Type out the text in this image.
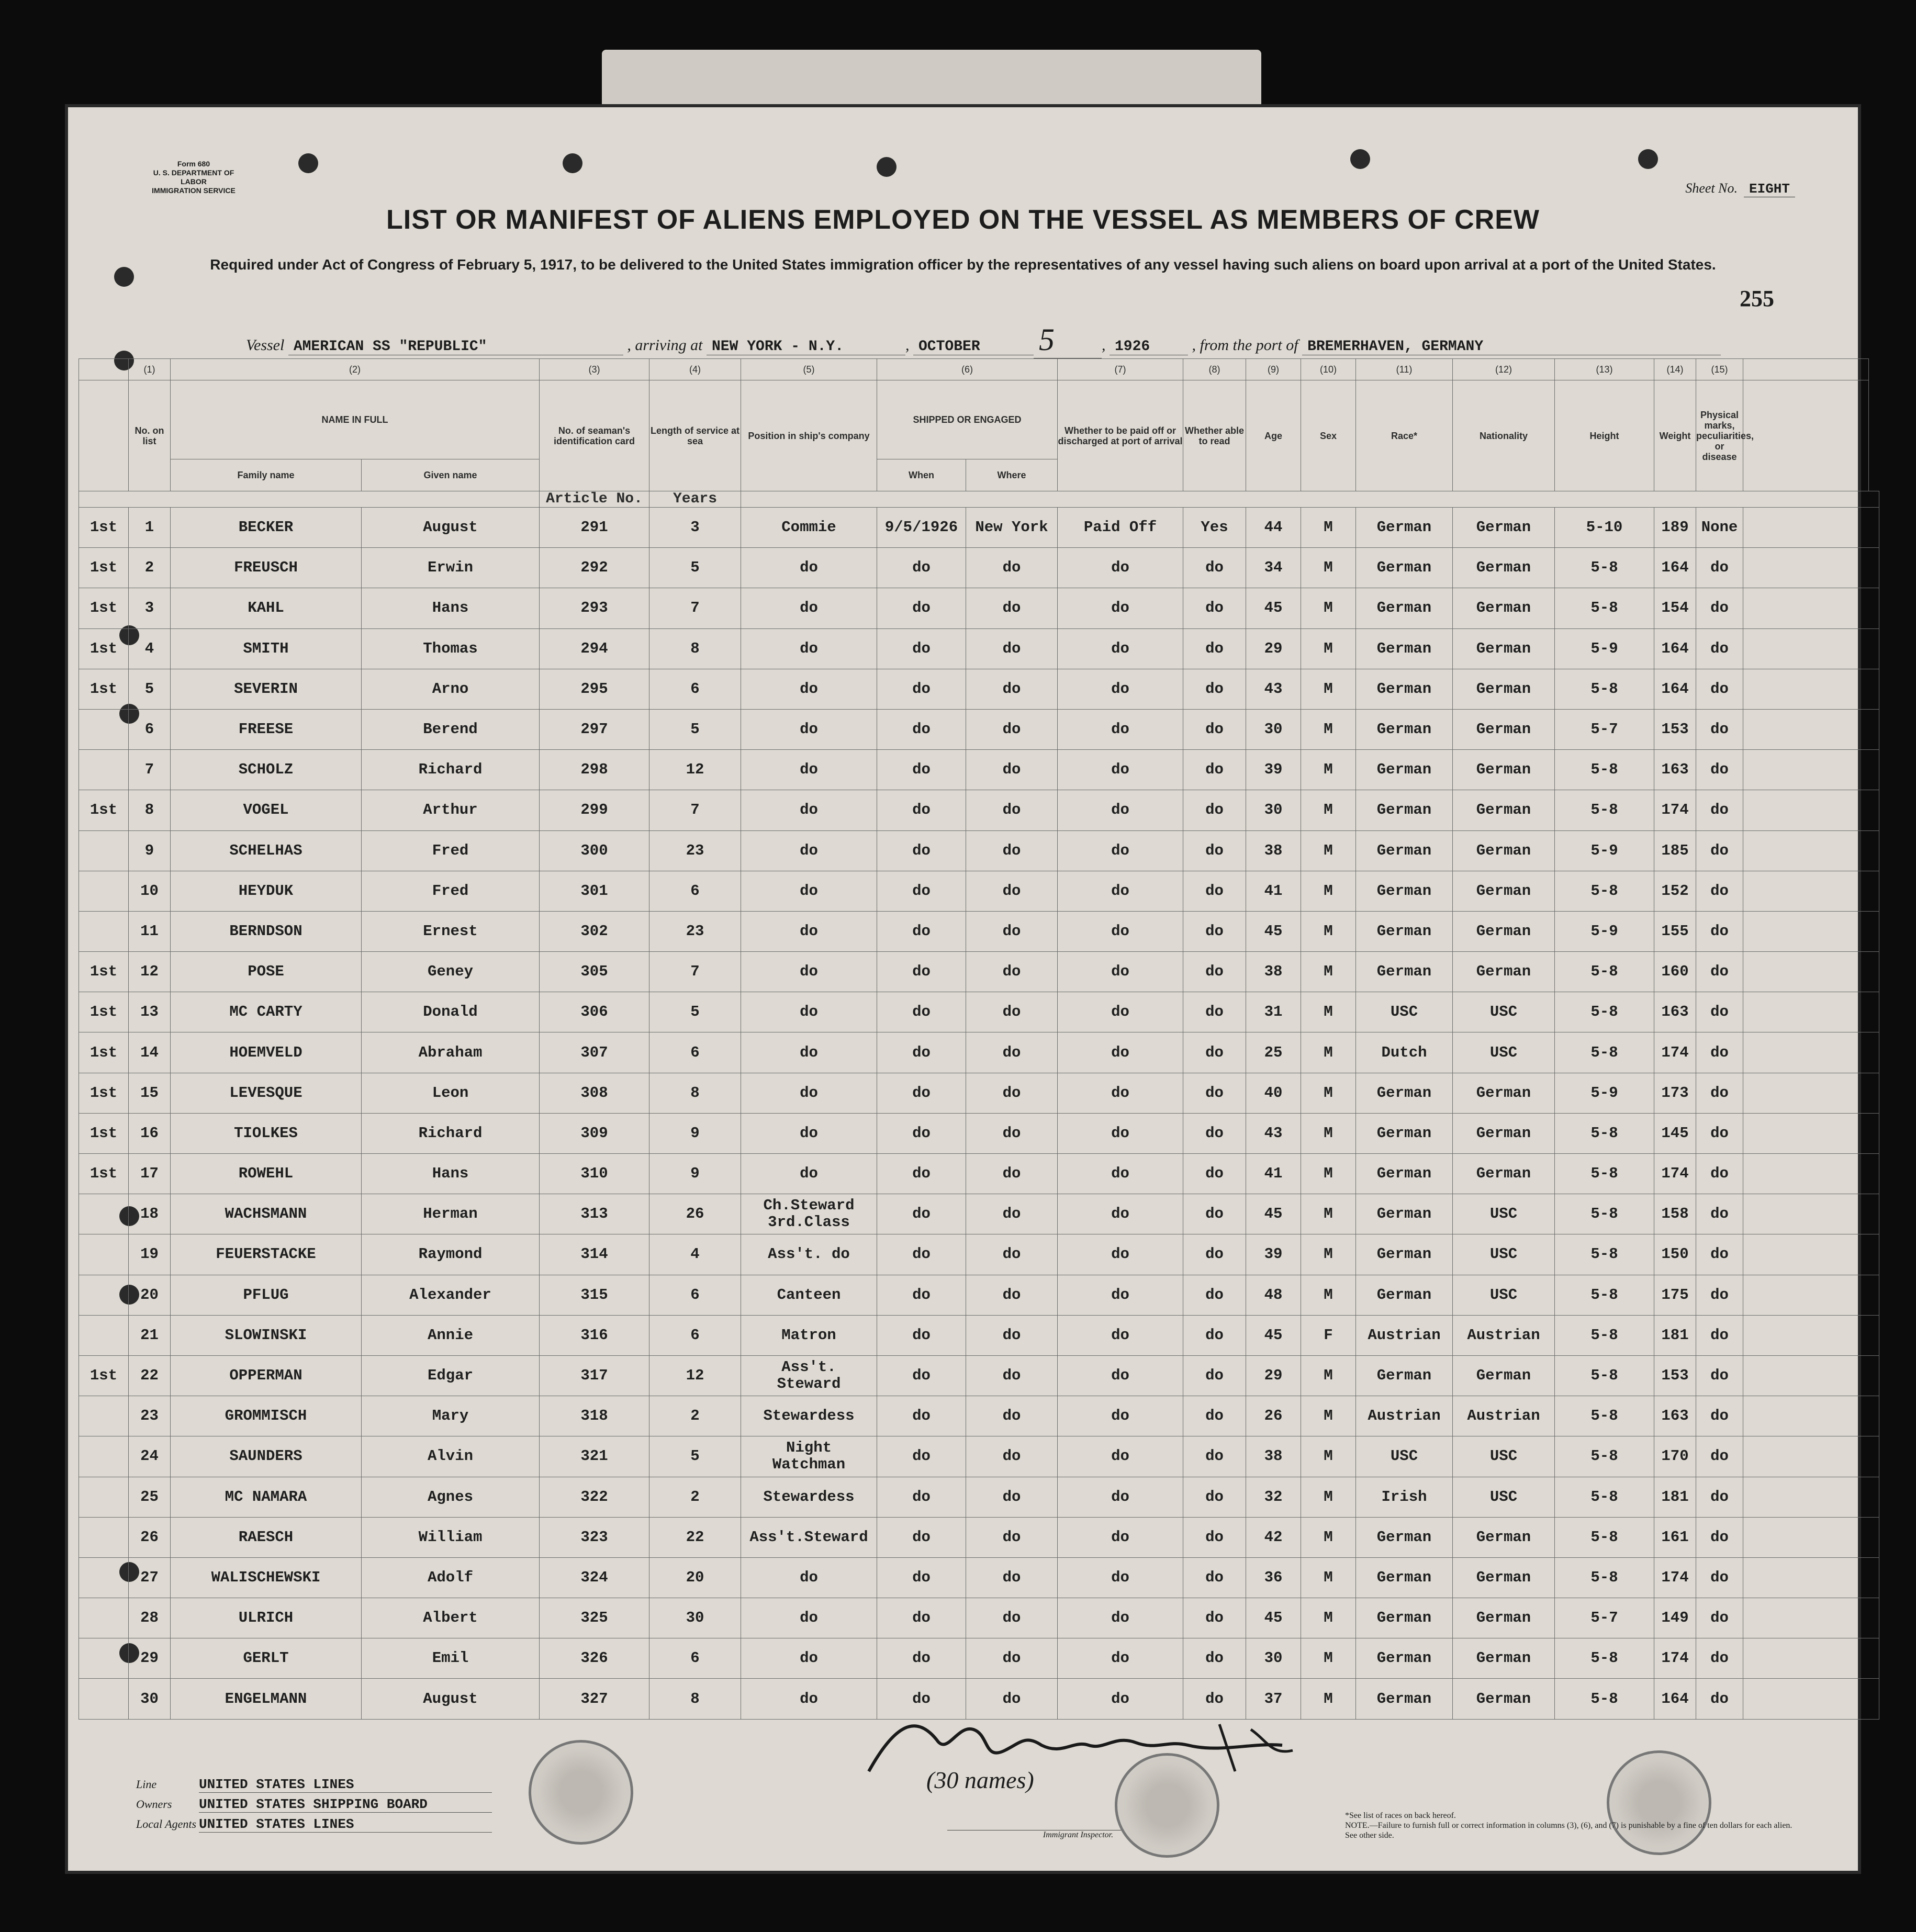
Form 680
U. S. DEPARTMENT OF LABOR
IMMIGRATION SERVICE	Sheet No. EIGHT
LIST OR MANIFEST OF ALIENS EMPLOYED ON THE VESSEL AS MEMBERS OF CREW
Required under Act of Congress of February 5, 1917, to be delivered to the United States immigration officer by the representatives of any vessel having such aliens on board upon arrival at a port of the United States.
255
Vessel AMERICAN SS "REPUBLIC"	, arriving at NEW YORK - N.Y.	, OCTOBER 5	, 1926	, from the port of BREMERHAVEN, GERMANY
	(1)	(2)		(3)	(4)	(5)	(6)		(7)	(8)	(9)	(10)	(11)	(12)	(13)	(14)	(15)	
	No. on list	NAME IN FULL		No. of seaman's identification card	Length of service at sea	Position in ship's company	SHIPPED OR ENGAGED		Whether to be paid off or discharged at port of arrival	Whether able to read	Age	Sex	Race*	Nationality	Height	Weight	Physical marks, peculiarities, or disease	
		Family name	Given name				When	Where										
				Article No.	Years													
1st	1	BECKER	August	291	3	Commie	9/5/1926	New York	Paid Off	Yes	44	M	German	German	5-10	189	None	
1st	2	FREUSCH	Erwin	292	5	do	do	do	do	do	34	M	German	German	5-8	164	do	
1st	3	KAHL	Hans	293	7	do	do	do	do	do	45	M	German	German	5-8	154	do	
1st	4	SMITH	Thomas	294	8	do	do	do	do	do	29	M	German	German	5-9	164	do	
1st	5	SEVERIN	Arno	295	6	do	do	do	do	do	43	M	German	German	5-8	164	do	
	6	FREESE	Berend	297	5	do	do	do	do	do	30	M	German	German	5-7	153	do	
	7	SCHOLZ	Richard	298	12	do	do	do	do	do	39	M	German	German	5-8	163	do	
1st	8	VOGEL	Arthur	299	7	do	do	do	do	do	30	M	German	German	5-8	174	do	
	9	SCHELHAS	Fred	300	23	do	do	do	do	do	38	M	German	German	5-9	185	do	
	10	HEYDUK	Fred	301	6	do	do	do	do	do	41	M	German	German	5-8	152	do	
	11	BERNDSON	Ernest	302	23	do	do	do	do	do	45	M	German	German	5-9	155	do	
1st	12	POSE	Geney	305	7	do	do	do	do	do	38	M	German	German	5-8	160	do	
1st	13	MC CARTY	Donald	306	5	do	do	do	do	do	31	M	USC	USC	5-8	163	do	
1st	14	HOEMVELD	Abraham	307	6	do	do	do	do	do	25	M	Dutch	USC	5-8	174	do	
1st	15	LEVESQUE	Leon	308	8	do	do	do	do	do	40	M	German	German	5-9	173	do	
1st	16	TIOLKES	Richard	309	9	do	do	do	do	do	43	M	German	German	5-8	145	do	
1st	17	ROWEHL	Hans	310	9	do	do	do	do	do	41	M	German	German	5-8	174	do	
	18	WACHSMANN	Herman	313	26	Ch.Steward
3rd.Class	do	do	do	do	45	M	German	USC	5-8	158	do	
	19	FEUERSTACKE	Raymond	314	4	Ass't. do	do	do	do	do	39	M	German	USC	5-8	150	do	
	20	PFLUG	Alexander	315	6	Canteen	do	do	do	do	48	M	German	USC	5-8	175	do	
	21	SLOWINSKI	Annie	316	6	Matron	do	do	do	do	45	F	Austrian	Austrian	5-8	181	do	
1st	22	OPPERMAN	Edgar	317	12	Ass't.
Steward	do	do	do	do	29	M	German	German	5-8	153	do	
	23	GROMMISCH	Mary	318	2	Stewardess	do	do	do	do	26	M	Austrian	Austrian	5-8	163	do	
	24	SAUNDERS	Alvin	321	5	Night
Watchman	do	do	do	do	38	M	USC	USC	5-8	170	do	
	25	MC NAMARA	Agnes	322	2	Stewardess	do	do	do	do	32	M	Irish	USC	5-8	181	do	
	26	RAESCH	William	323	22	Ass't.Steward	do	do	do	do	42	M	German	German	5-8	161	do	
	27	WALISCHEWSKI	Adolf	324	20	do	do	do	do	do	36	M	German	German	5-8	174	do	
	28	ULRICH	Albert	325	30	do	do	do	do	do	45	M	German	German	5-7	149	do	
	29	GERLT	Emil	326	6	do	do	do	do	do	30	M	German	German	5-8	174	do	
	30	ENGELMANN	August	327	8	do	do	do	do	do	37	M	German	German	5-8	164	do	
(30 names)
Immigrant Inspector.
Line	UNITED STATES LINES
Owners UNITED STATES SHIPPING BOARD
Local Agents UNITED STATES LINES
*See list of races on back hereof.
NOTE.—Failure to furnish full or correct information in columns (3), (6), and (7) is punishable by a fine of ten dollars for each alien. See other side.
